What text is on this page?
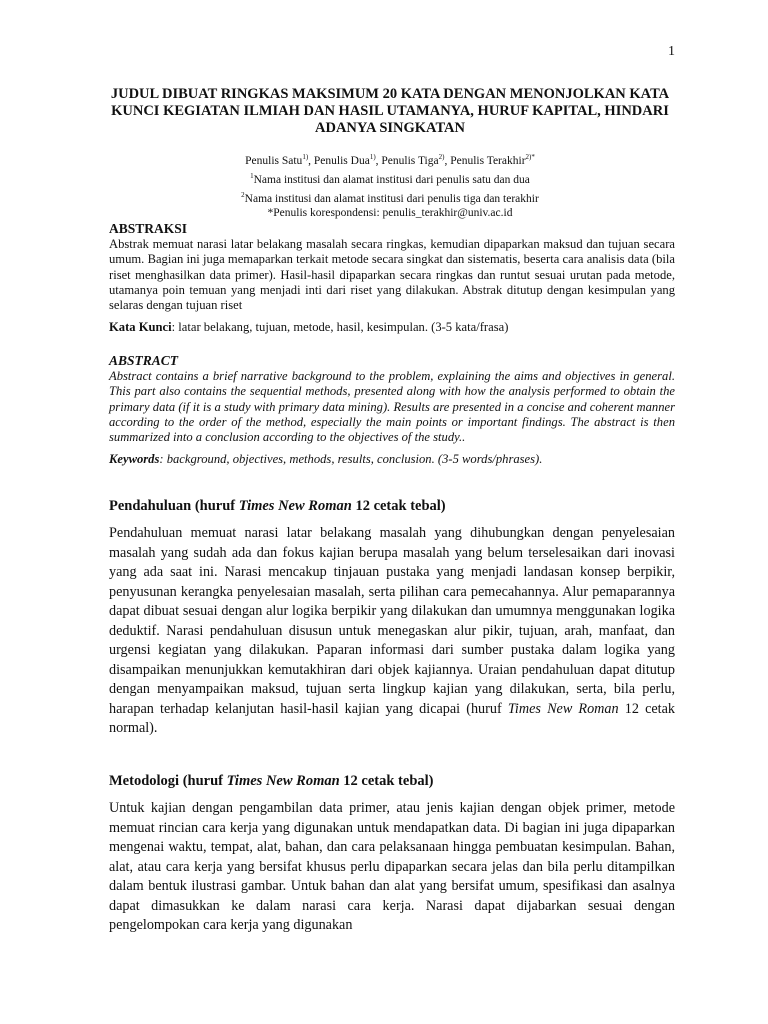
1
JUDUL DIBUAT RINGKAS MAKSIMUM 20 KATA DENGAN MENONJOLKAN KATA KUNCI KEGIATAN ILMIAH DAN HASIL UTAMANYA, HURUF KAPITAL, HINDARI ADANYA SINGKATAN
Penulis Satu$^{1)}$, Penulis Dua$^{1)}$, Penulis Tiga$^{2)}$, Penulis Terakhir$^{2)*}$
$^1$Nama institusi dan alamat institusi dari penulis satu dan dua
$^2$Nama institusi dan alamat institusi dari penulis tiga dan terakhir
*Penulis korespondensi: penulis_terakhir@univ.ac.id
ABSTRAKSI
Abstrak memuat narasi latar belakang masalah secara ringkas, kemudian dipaparkan maksud dan tujuan secara umum. Bagian ini juga memaparkan terkait metode secara singkat dan sistematis, beserta cara analisis data (bila riset menghasilkan data primer). Hasil-hasil dipaparkan secara ringkas dan runtut sesuai urutan pada metode, utamanya poin temuan yang menjadi inti dari riset yang dilakukan. Abstrak ditutup dengan kesimpulan yang selaras dengan tujuan riset
Kata Kunci: latar belakang, tujuan, metode, hasil, kesimpulan. (3-5 kata/frasa)
ABSTRACT
Abstract contains a brief narrative background to the problem, explaining the aims and objectives in general. This part also contains the sequential methods, presented along with how the analysis performed to obtain the primary data (if it is a study with primary data mining). Results are presented in a concise and coherent manner according to the order of the method, especially the main points or important findings. The abstract is then summarized into a conclusion according to the objectives of the study..
Keywords: background, objectives, methods, results, conclusion. (3-5 words/phrases).
Pendahuluan (huruf Times New Roman 12 cetak tebal)
Pendahuluan memuat narasi latar belakang masalah yang dihubungkan dengan penyelesaian masalah yang sudah ada dan fokus kajian berupa masalah yang belum terselesaikan dari inovasi yang ada saat ini. Narasi mencakup tinjauan pustaka yang menjadi landasan konsep berpikir, penyusunan kerangka penyelesaian masalah, serta pilihan cara pemecahannya. Alur pemaparannya dapat dibuat sesuai dengan alur logika berpikir yang dilakukan dan umumnya menggunakan logika deduktif. Narasi pendahuluan disusun untuk menegaskan alur pikir, tujuan, arah, manfaat, dan urgensi kegiatan yang dilakukan. Paparan informasi dari sumber pustaka dalam logika yang disampaikan menunjukkan kemutakhiran dari objek kajiannya. Uraian pendahuluan dapat ditutup dengan menyampaikan maksud, tujuan serta lingkup kajian yang dilakukan, serta, bila perlu, harapan terhadap kelanjutan hasil-hasil kajian yang dicapai (huruf Times New Roman 12 cetak normal).
Metodologi (huruf Times New Roman 12 cetak tebal)
Untuk kajian dengan pengambilan data primer, atau jenis kajian dengan objek primer, metode memuat rincian cara kerja yang digunakan untuk mendapatkan data. Di bagian ini juga dipaparkan mengenai waktu, tempat, alat, bahan, dan cara pelaksanaan hingga pembuatan kesimpulan. Bahan, alat, atau cara kerja yang bersifat khusus perlu dipaparkan secara jelas dan bila perlu ditampilkan dalam bentuk ilustrasi gambar. Untuk bahan dan alat yang bersifat umum, spesifikasi dan asalnya dapat dimasukkan ke dalam narasi cara kerja. Narasi dapat dijabarkan sesuai dengan pengelompokan cara kerja yang digunakan
